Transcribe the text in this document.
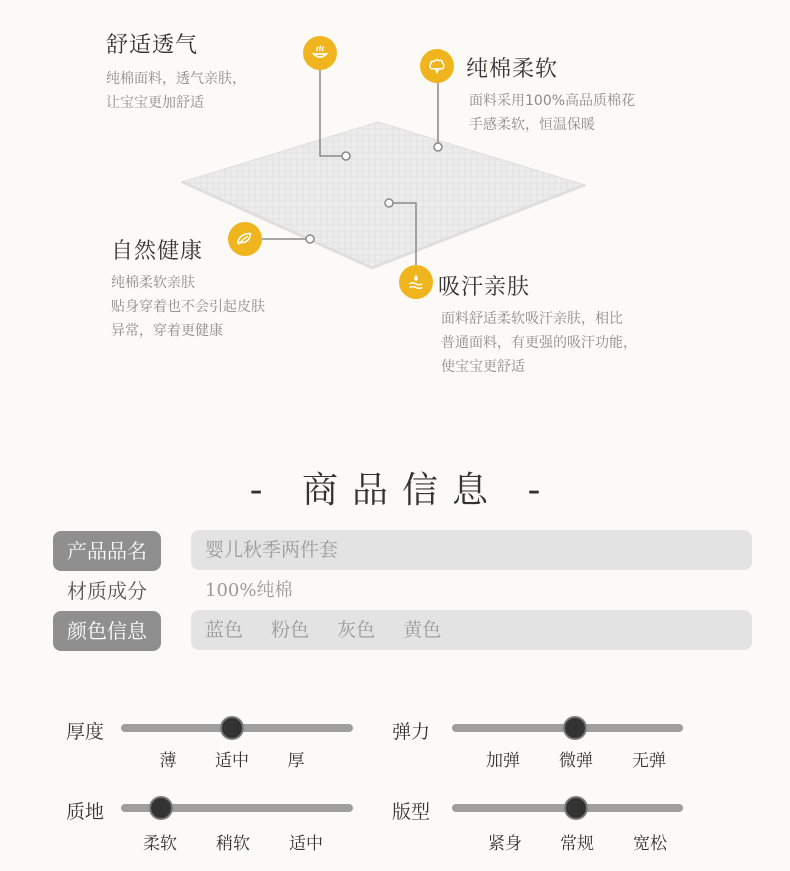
舒适透气
纯棉面料，透气亲肤，
让宝宝更加舒适
纯棉柔软
面料采用100%高品质棉花
手感柔软，恒温保暖
自然健康
纯棉柔软亲肤
贴身穿着也不会引起皮肤
异常，穿着更健康
吸汗亲肤
面料舒适柔软吸汗亲肤，相比
普通面料，有更强的吸汗功能，
使宝宝更舒适
- 商品信息 -
产品品名	婴儿秋季两件套
材质成分	100%纯棉
颜色信息	蓝色 粉色 灰色 黄色
厚度
薄 适中 厚
弹力
加弹 微弹 无弹
质地
柔软 稍软 适中
版型
紧身 常规 宽松
